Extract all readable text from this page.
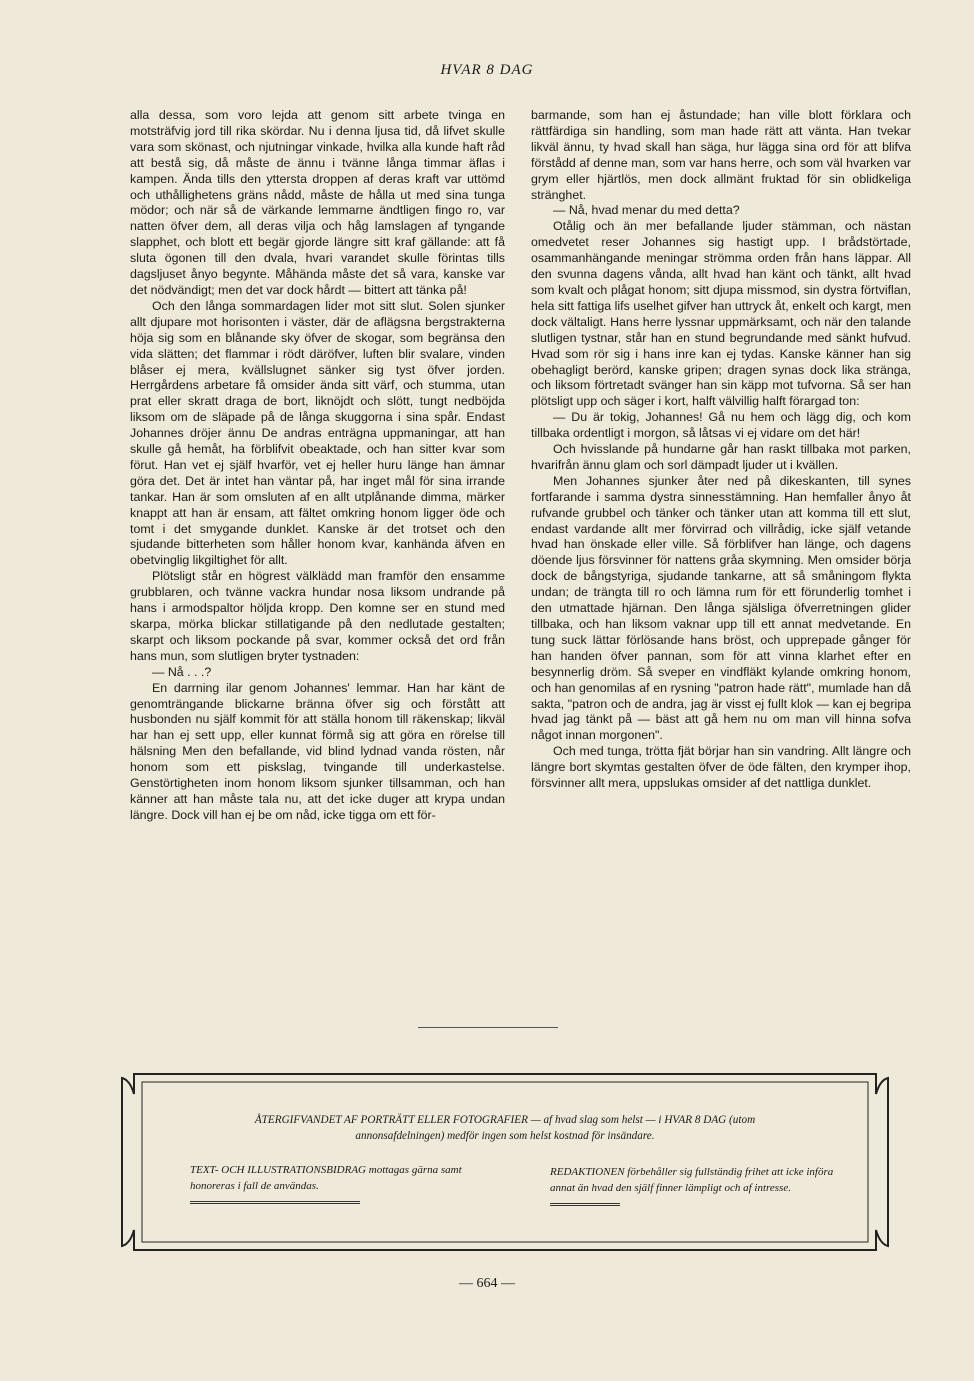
HVAR 8 DAG

alla dessa, som voro lejda att genom sitt arbete tvinga en motsträfvig jord till rika skördar. Nu i denna ljusa tid, då lifvet skulle vara som skönast, och njutningar vinkade, hvilka alla kunde haft råd att bestå sig, då måste de ännu i tvänne långa timmar äflas i kampen. Ända tills den yttersta droppen af deras kraft var uttömd och uthållighetens gräns nådd, måste de hålla ut med sina tunga mödor; och när så de värkande lemmarne ändtligen fingo ro, var natten öfver dem, all deras vilja och håg lamslagen af tyngande slapphet, och blott ett begär gjorde längre sitt kraf gällande: att få sluta ögonen till den dvala, hvari varandet skulle förintas tills dagsljuset ånyo begynte. Måhända måste det så vara, kanske var det nödvändigt; men det var dock hårdt — bittert att tänka på!

Och den långa sommardagen lider mot sitt slut. Solen sjunker allt djupare mot horisonten i väster, där de aflägsna bergstrakterna höja sig som en blånande sky öfver de skogar, som begränsa den vida slätten; det flammar i rödt däröfver, luften blir svalare, vinden blåser ej mera, kvällslugnet sänker sig tyst öfver jorden. Herrgårdens arbetare få omsider ända sitt värf, och stumma, utan prat eller skratt draga de bort, liknöjdt och slött, tungt nedböjda liksom om de släpade på de långa skuggorna i sina spår. Endast Johannes dröjer ännu De andras enträgna uppmaningar, att han skulle gå hemåt, ha förblifvit obeaktade, och han sitter kvar som förut. Han vet ej själf hvarför, vet ej heller huru länge han ämnar göra det. Det är intet han väntar på, har inget mål för sina irrande tankar. Han är som omsluten af en allt utplånande dimma, märker knappt att han är ensam, att fältet omkring honom ligger öde och tomt i det smygande dunklet. Kanske är det trotset och den sjudande bitterheten som håller honom kvar, kanhända äfven en obetvinglig likgiltighet för allt.

Plötsligt står en högrest välklädd man framför den ensamme grubblaren, och tvänne vackra hundar nosa liksom undrande på hans i armodspaltor höljda kropp. Den komne ser en stund med skarpa, mörka blickar stillatigande på den nedlutade gestalten; skarpt och liksom pockande på svar, kommer också det ord från hans mun, som slutligen bryter tystnaden:

— Nå . . .?

En darrning ilar genom Johannes' lemmar. Han har känt de genomträngande blickarne bränna öfver sig och förstått att husbonden nu själf kommit för att ställa honom till räkenskap; likväl har han ej sett upp, eller kunnat förmå sig att göra en rörelse till hälsning Men den befallande, vid blind lydnad vanda rösten, når honom som ett piskslag, tvingande till underkastelse. Genstörtigheten inom honom liksom sjunker tillsamman, och han känner att han måste tala nu, att det icke duger att krypa undan längre. Dock vill han ej be om nåd, icke tigga om ett för-

barmande, som han ej åstundade; han ville blott förklara och rättfärdiga sin handling, som man hade rätt att vänta. Han tvekar likväl ännu, ty hvad skall han säga, hur lägga sina ord för att blifva förstådd af denne man, som var hans herre, och som väl hvarken var grym eller hjärtlös, men dock allmänt fruktad för sin oblidkeliga stränghet.

— Nå, hvad menar du med detta?

Otålig och än mer befallande ljuder stämman, och nästan omedvetet reser Johannes sig hastigt upp. I brådstörtade, osammanhängande meningar strömma orden från hans läppar. All den svunna dagens vånda, allt hvad han känt och tänkt, allt hvad som kvalt och plågat honom; sitt djupa missmod, sin dystra förtviflan, hela sitt fattiga lifs uselhet gifver han uttryck åt, enkelt och kargt, men dock vältaligt. Hans herre lyssnar uppmärksamt, och när den talande slutligen tystnar, står han en stund begrundande med sänkt hufvud. Hvad som rör sig i hans inre kan ej tydas. Kanske känner han sig obehagligt berörd, kanske gripen; dragen synas dock lika stränga, och liksom förtretadt svänger han sin käpp mot tufvorna. Så ser han plötsligt upp och säger i kort, halft välvillig halft förargad ton:

— Du är tokig, Johannes! Gå nu hem och lägg dig, och kom tillbaka ordentligt i morgon, så låtsas vi ej vidare om det här!

Och hvisslande på hundarne går han raskt tillbaka mot parken, hvarifrån ännu glam och sorl dämpadt ljuder ut i kvällen.

Men Johannes sjunker åter ned på dikeskanten, till synes fortfarande i samma dystra sinnesstämning. Han hemfaller ånyo åt rufvande grubbel och tänker och tänker utan att komma till ett slut, endast vardande allt mer förvirrad och villrådig, icke själf vetande hvad han önskade eller ville. Så förblifver han länge, och dagens döende ljus försvinner för nattens gråa skymning. Men omsider börja dock de bångstyriga, sjudande tankarne, att så småningom flykta undan; de trängta till ro och lämna rum för ett förunderlig tomhet i den utmattade hjärnan. Den långa själsliga öfverretningen glider tillbaka, och han liksom vaknar upp till ett annat medvetande. En tung suck lättar förlösande hans bröst, och upprepade gånger för han handen öfver pannan, som för att vinna klarhet efter en besynnerlig dröm. Så sveper en vindfläkt kylande omkring honom, och han genomilas af en rysning "patron hade rätt", mumlade han då sakta, "patron och de andra, jag är visst ej fullt klok — kan ej begripa hvad jag tänkt på — bäst att gå hem nu om man vill hinna sofva något innan morgonen".

Och med tunga, trötta fjät börjar han sin vandring. Allt längre och längre bort skymtas gestalten öfver de öde fälten, den krymper ihop, försvinner allt mera, uppslukas omsider af det nattliga dunklet.

ÅTERGIFVANDET AF PORTRÄTT ELLER FOTOGRAFIER — af hvad slag som helst — i HVAR 8 DAG (utom annonsafdelningen) medför ingen som helst kostnad för insändare.
TEXT- OCH ILLUSTRATIONSBIDRAG mottagas gärna samt honoreras i fall de användas.
REDAKTIONEN förbehåller sig fullständig frihet att icke införa annat än hvad den själf finner lämpligt och af intresse.
— 664 —
